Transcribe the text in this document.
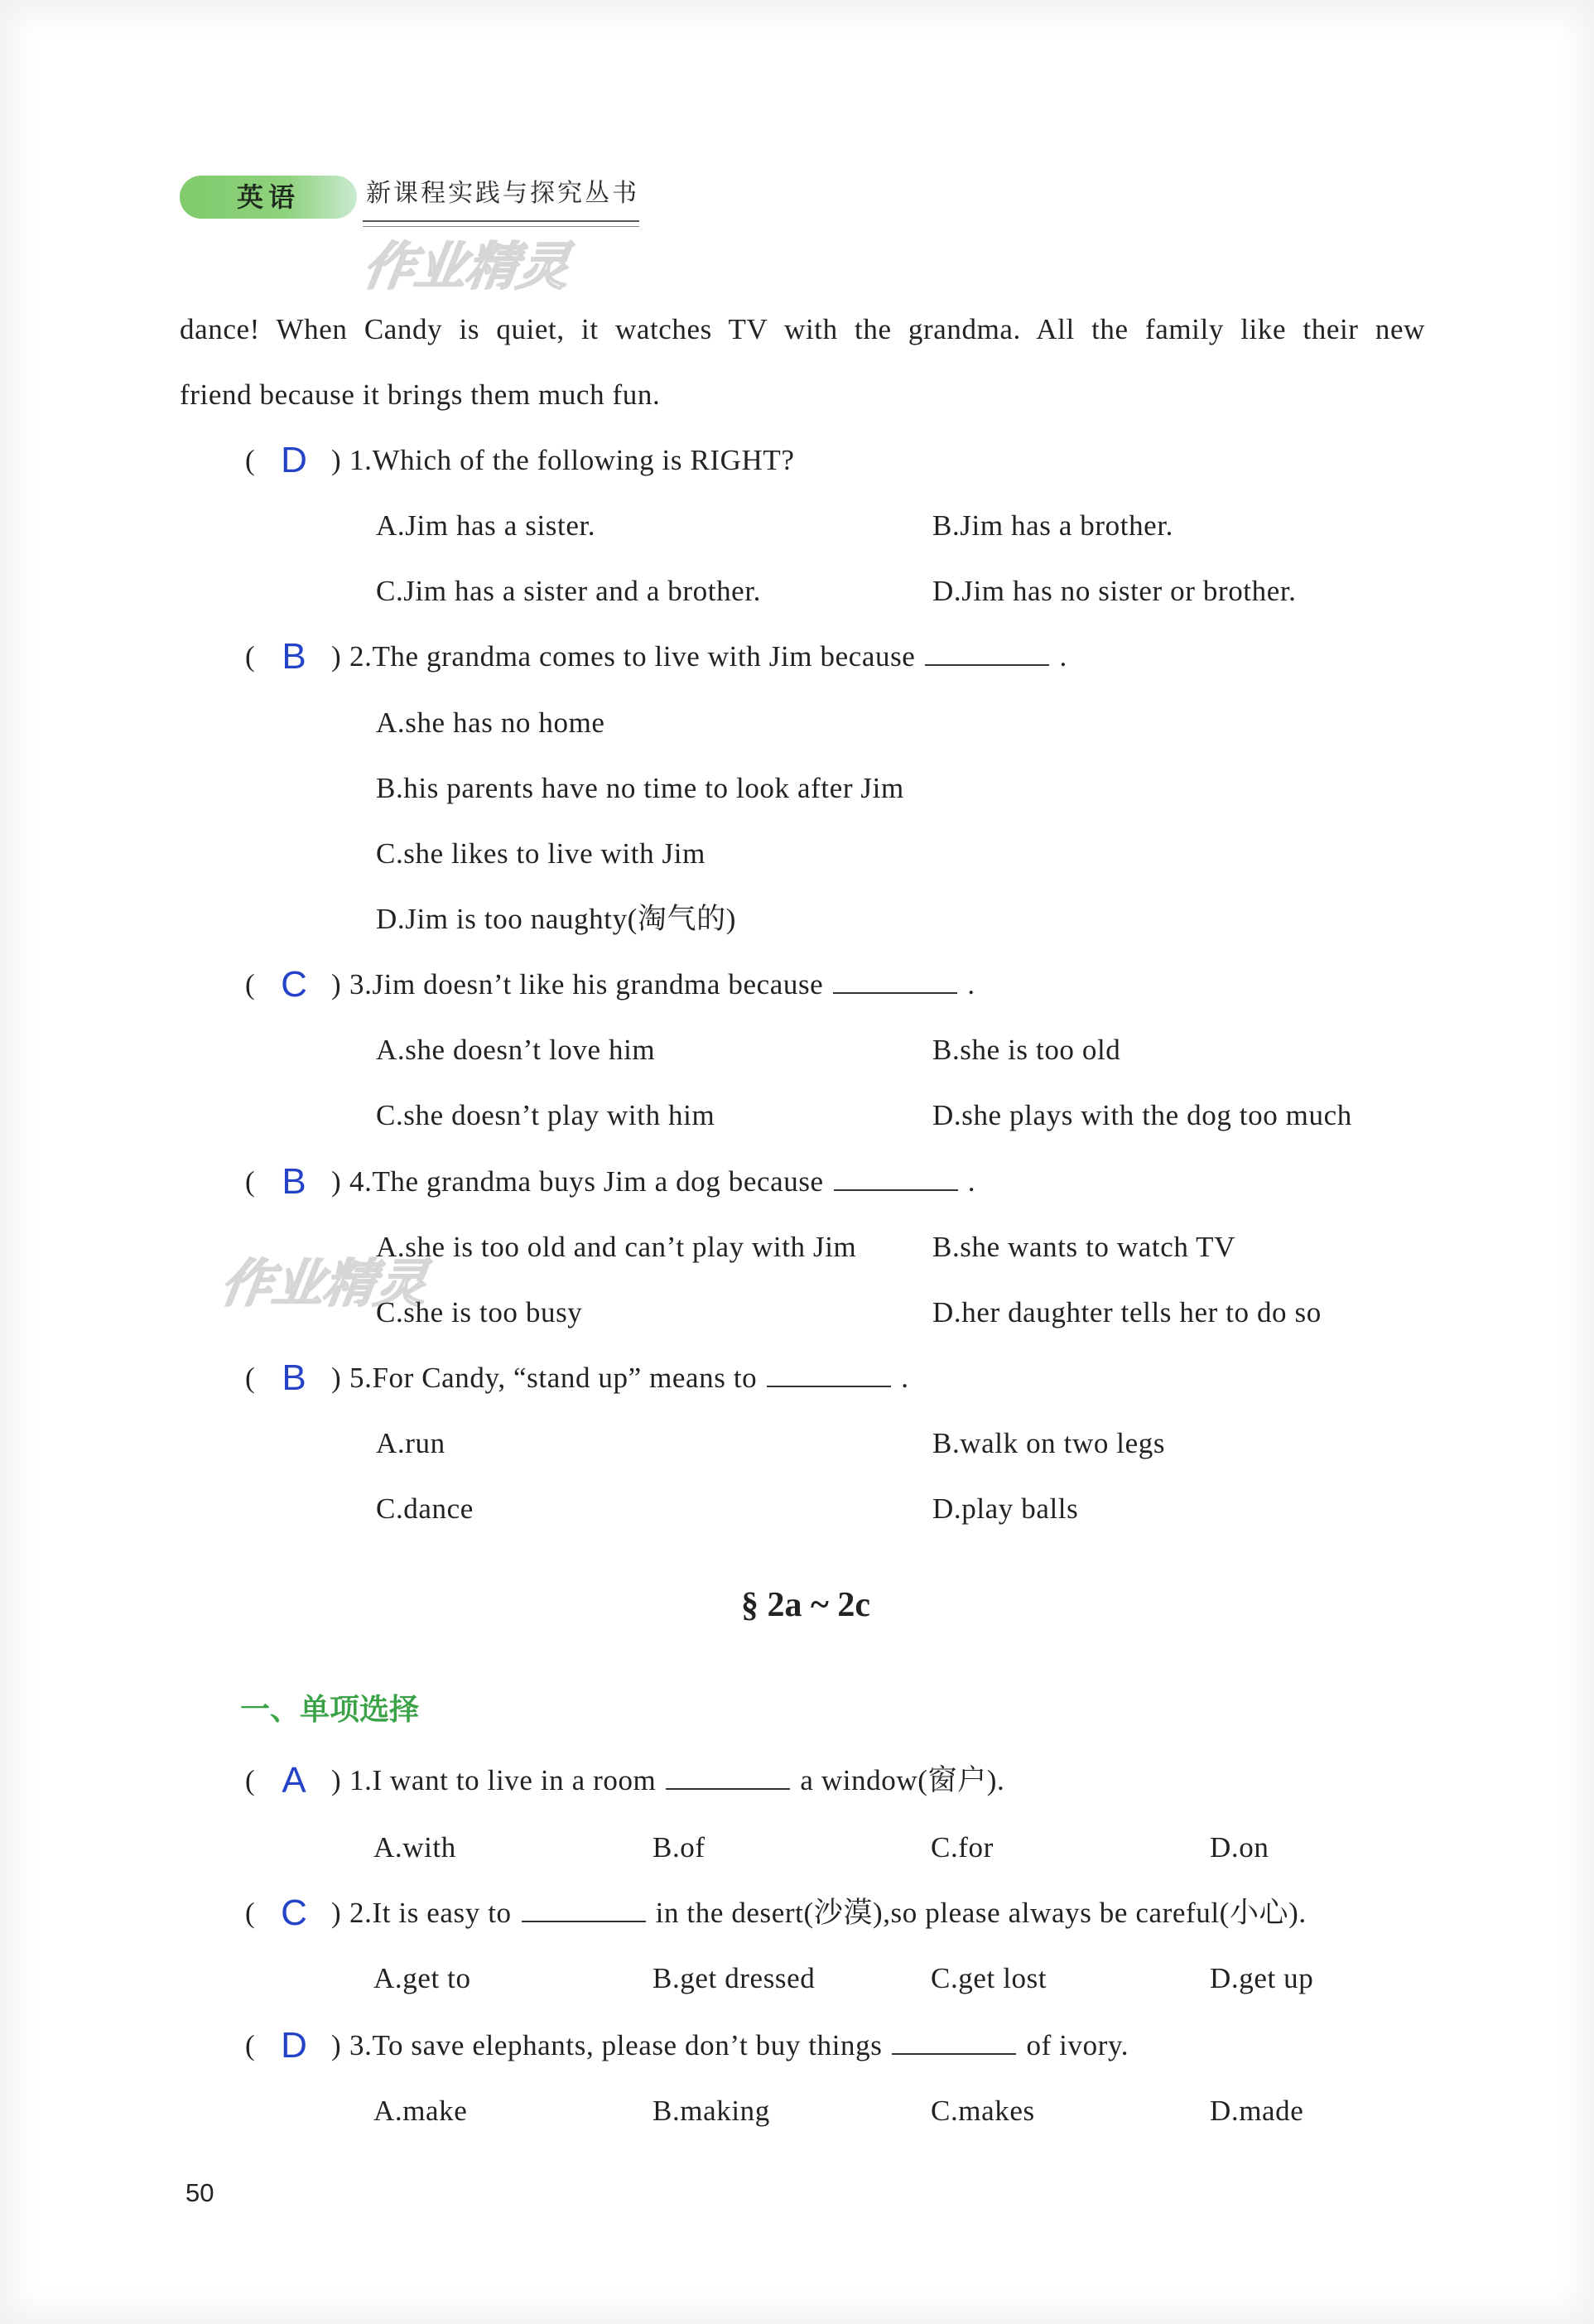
英语	新课程实践与探究丛书
作业精灵
dance! When Candy is quiet, it watches TV with the grandma. All the family like their new
friend because it brings them much fun.
( D ) 1.Which of the following is RIGHT?
A.Jim has a sister.	B.Jim has a brother.
C.Jim has a sister and a brother.	D.Jim has no sister or brother.
( B ) 2.The grandma comes to live with Jim because	.
A.she has no home
B.his parents have no time to look after Jim
C.she likes to live with Jim
D.Jim is too naughty(淘气的)
( C ) 3.Jim doesn’t like his grandma because	.
A.she doesn’t love him	B.she is too old
C.she doesn’t play with him	D.she plays with the dog too much
( B ) 4.The grandma buys Jim a dog because	.
A.she is too old and can’t play with Jim	B.she wants to watch TV
作业精灵
C.she is too busy	D.her daughter tells her to do so
( B ) 5.For Candy, “stand up” means to	.
A.run	B.walk on two legs
C.dance	D.play balls
§ 2a ~ 2c
一、单项选择
( A ) 1.I want to live in a room	a window(窗户).
A.with	B.of	C.for	D.on
( C ) 2.It is easy to	in the desert(沙漠),so please always be careful(小心).
A.get to	B.get dressed	C.get lost	D.get up
( D ) 3.To save elephants, please don’t buy things	of ivory.
A.make	B.making	C.makes	D.made
50
